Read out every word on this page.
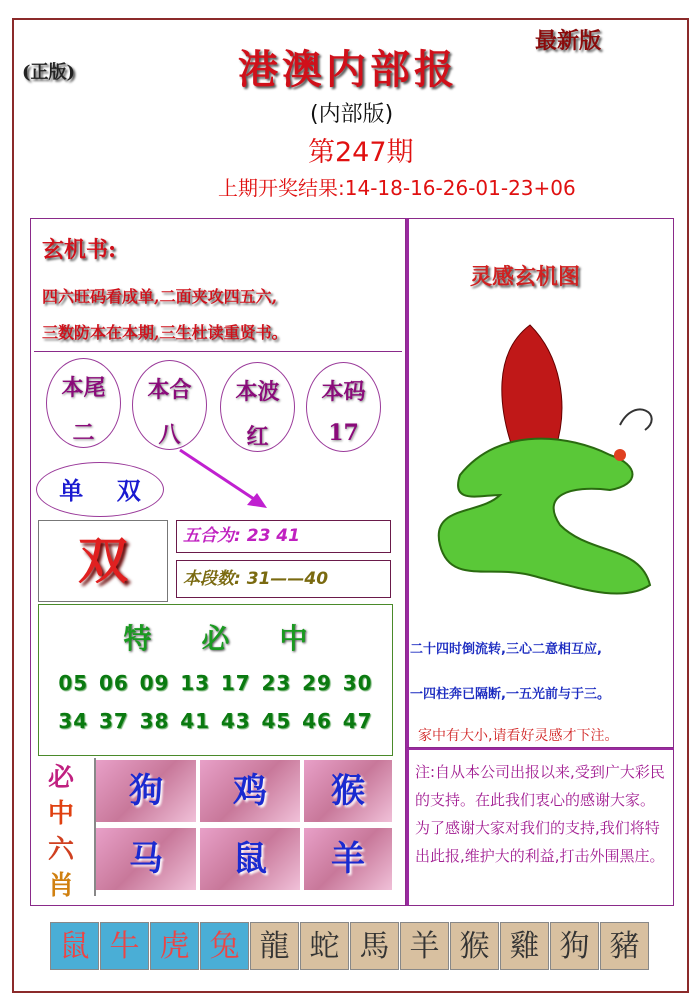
(正版)	港澳内部报
最新版
(内部版)
第247期
上期开奖结果:14-18-16-26-01-23+06
玄机书:
四六旺码看成单,二面夹攻四五六,
三数防本在本期,三生杜读重贤书。
本尾
二
本合
八
本波
红
本码
17
单 双
双	五合为: 23 41
本段数: 31——40
特 必 中
05 06 09 13 17 23 29 30
34 37 38 41 43 45 46 47
必
中
六
肖
狗	鸡	猴
马	鼠	羊
灵感玄机图
二十四时倒流转,三心二意相互应,
一四柱奔已隔断,一五光前与于三。
家中有大小,请看好灵感才下注。
注:自从本公司出报以来,受到广大彩民的支持。在此我们衷心的感谢大家。为了感谢大家对我们的支持,我们将特出此报,维护大的利益,打击外围黑庄。
鼠 牛 虎 兔 龍 蛇 馬 羊 猴 雞 狗 豬
